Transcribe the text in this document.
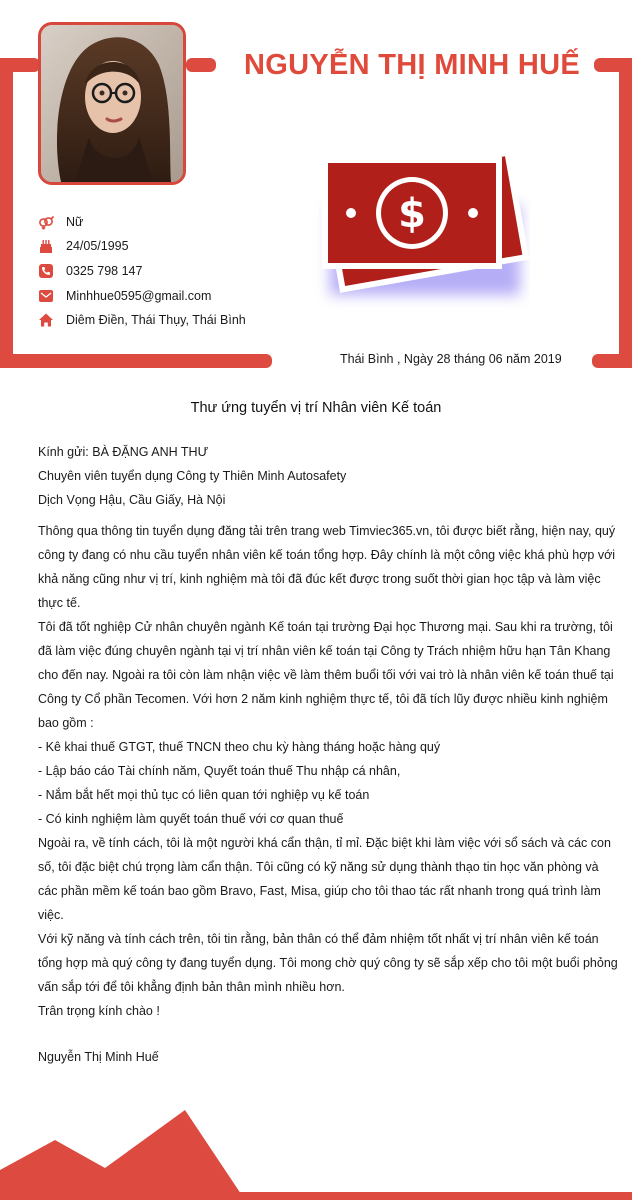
NGUYỄN THỊ MINH HUẾ
Nữ
24/05/1995
0325 798 147
Minhhue0595@gmail.com
Diêm Điền, Thái Thụy, Thái Bình
$
Thái Bình , Ngày 28 tháng 06 năm 2019
Thư ứng tuyển vị trí Nhân viên Kế toán
Kính gửi: BÀ ĐẶNG ANH THƯ
Chuyên viên tuyển dụng Công ty Thiên Minh Autosafety
Dịch Vọng Hậu, Cầu Giấy, Hà Nội
Thông qua thông tin tuyển dụng đăng tải trên trang web Timviec365.vn, tôi được biết rằng, hiện nay, quý
công ty đang có nhu cầu tuyển nhân viên kế toán tổng hợp. Đây chính là một công việc khá phù hợp với
khả năng cũng như vị trí, kinh nghiệm mà tôi đã đúc kết được trong suốt thời gian học tập và làm việc
thực tế.
Tôi đã tốt nghiệp Cử nhân chuyên ngành Kế toán tại trường Đại học Thương mại. Sau khi ra trường, tôi
đã làm việc đúng chuyên ngành tại vị trí nhân viên kế toán tại Công ty Trách nhiệm hữu hạn Tân Khang
cho đến nay. Ngoài ra tôi còn làm nhận việc về làm thêm buổi tối với vai trò là nhân viên kế toán thuế tại
Công ty Cổ phần Tecomen. Với hơn 2 năm kinh nghiệm thực tế, tôi đã tích lũy được nhiều kinh nghiệm
bao gồm :
- Kê khai thuế GTGT, thuế TNCN theo chu kỳ hàng tháng hoặc hàng quý
- Lập báo cáo Tài chính năm, Quyết toán thuế Thu nhập cá nhân,
- Nắm bắt hết mọi thủ tục có liên quan tới nghiệp vụ kế toán
- Có kinh nghiệm làm quyết toán thuế với cơ quan thuế
Ngoài ra, về tính cách, tôi là một người khá cẩn thận, tỉ mỉ. Đặc biệt khi làm việc với sổ sách và các con
số, tôi đặc biệt chú trọng làm cẩn thận. Tôi cũng có kỹ năng sử dụng thành thạo tin học văn phòng và
các phần mềm kế toán bao gồm Bravo, Fast, Misa, giúp cho tôi thao tác rất nhanh trong quá trình làm
việc.
Với kỹ năng và tính cách trên, tôi tin rằng, bản thân có thể đảm nhiệm tốt nhất vị trí nhân viên kế toán
tổng hợp mà quý công ty đang tuyển dụng. Tôi mong chờ quý công ty sẽ sắp xếp cho tôi một buổi phỏng
vấn sắp tới để tôi khẳng định bản thân mình nhiều hơn.
Trân trọng kính chào !
Nguyễn Thị Minh Huế
